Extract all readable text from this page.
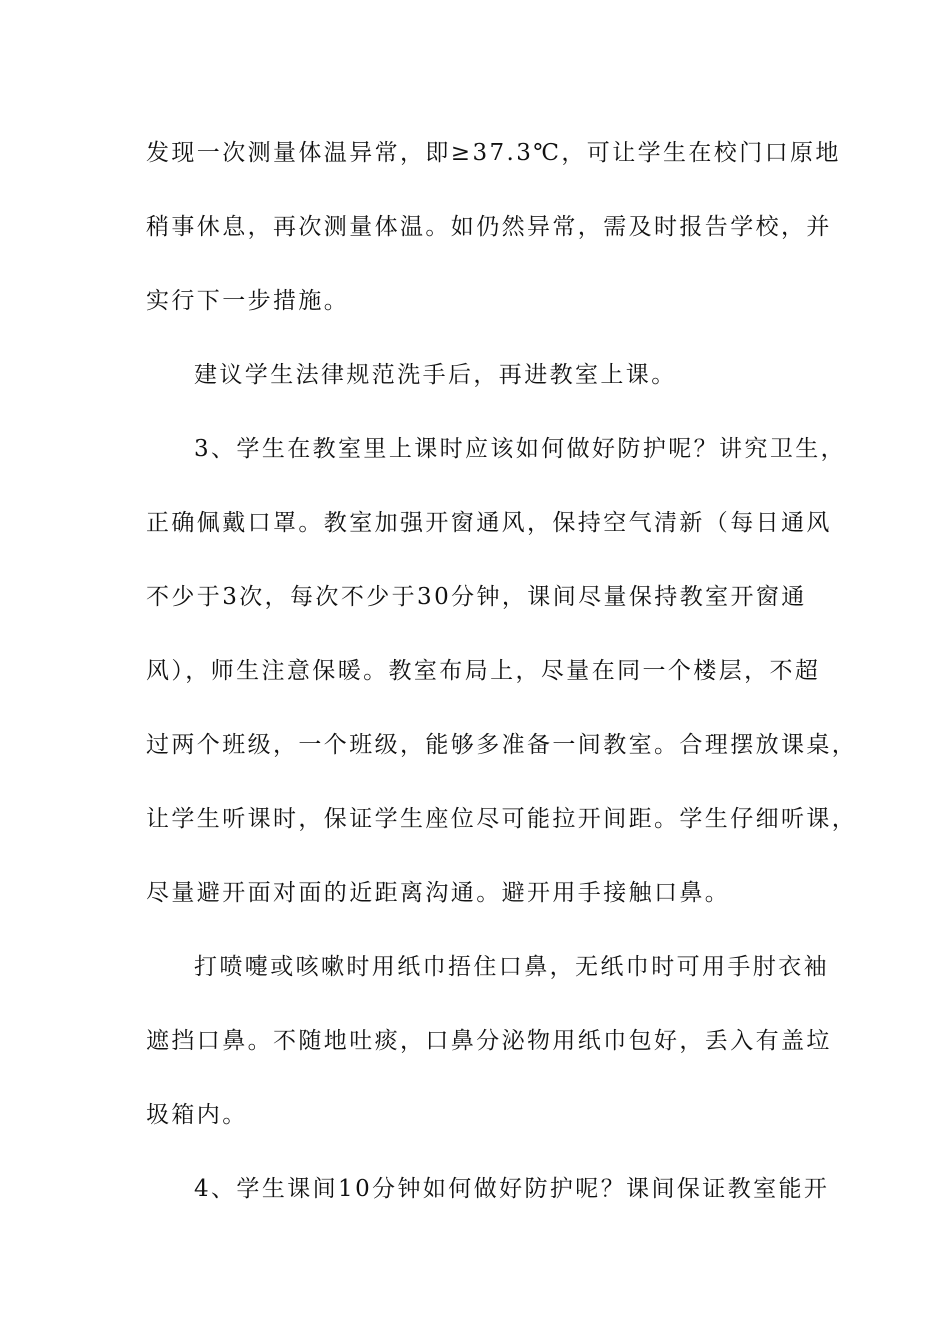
发现一次测量体温异常，即≥37.3℃，可让学生在校门口原地
稍事休息，再次测量体温。如仍然异常，需及时报告学校，并
实行下一步措施。
建议学生法律规范洗手后，再进教室上课。
3、学生在教室里上课时应该如何做好防护呢？讲究卫生，
正确佩戴口罩。教室加强开窗通风，保持空气清新（每日通风
不少于3次，每次不少于30分钟，课间尽量保持教室开窗通
风），师生注意保暖。教室布局上，尽量在同一个楼层，不超
过两个班级，一个班级，能够多准备一间教室。合理摆放课桌，
让学生听课时，保证学生座位尽可能拉开间距。学生仔细听课，
尽量避开面对面的近距离沟通。避开用手接触口鼻。
打喷嚏或咳嗽时用纸巾捂住口鼻，无纸巾时可用手肘衣袖
遮挡口鼻。不随地吐痰，口鼻分泌物用纸巾包好，丢入有盖垃
圾箱内。
4、学生课间10分钟如何做好防护呢？课间保证教室能开
